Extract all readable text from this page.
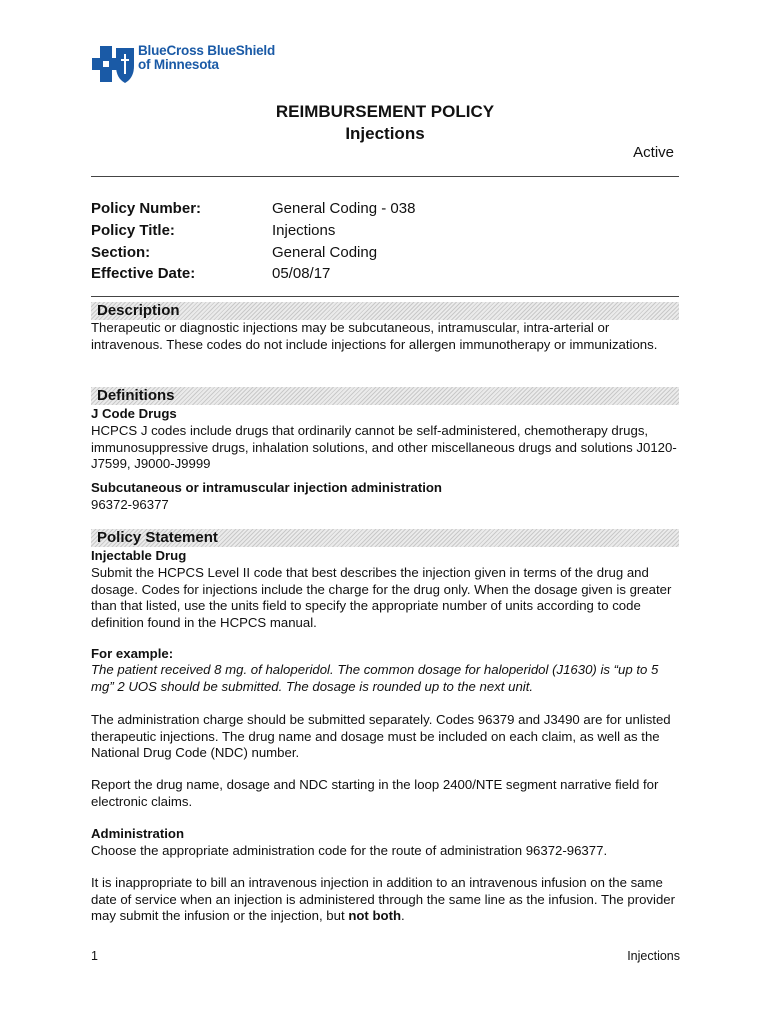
BlueCross BlueShield
of Minnesota
REIMBURSEMENT POLICY
Injections
Active
Policy Number:	General Coding - 038
Policy Title:	Injections
Section:	General Coding
Effective Date:	05/08/17
Description
Therapeutic or diagnostic injections may be subcutaneous, intramuscular, intra-arterial or intravenous. These codes do not include injections for allergen immunotherapy or immunizations.
Definitions
J Code Drugs
HCPCS J codes include drugs that ordinarily cannot be self-administered, chemotherapy drugs, immunosuppressive drugs, inhalation solutions, and other miscellaneous drugs and solutions J0120-J7599, J9000-J9999
Subcutaneous or intramuscular injection administration
96372-96377
Policy Statement
Injectable Drug
Submit the HCPCS Level II code that best describes the injection given in terms of the drug and dosage. Codes for injections include the charge for the drug only. When the dosage given is greater than that listed, use the units field to specify the appropriate number of units according to code definition found in the HCPCS manual.
For example:
The patient received 8 mg. of haloperidol. The common dosage for haloperidol (J1630) is “up to 5 mg” 2 UOS should be submitted. The dosage is rounded up to the next unit.
The administration charge should be submitted separately. Codes 96379 and J3490 are for unlisted therapeutic injections. The drug name and dosage must be included on each claim, as well as the National Drug Code (NDC) number.
Report the drug name, dosage and NDC starting in the loop 2400/NTE segment narrative field for electronic claims.
Administration
Choose the appropriate administration code for the route of administration 96372-96377.
It is inappropriate to bill an intravenous injection in addition to an intravenous infusion on the same date of service when an injection is administered through the same line as the infusion. The provider may submit the infusion or the injection, but not both.
1	Injections
